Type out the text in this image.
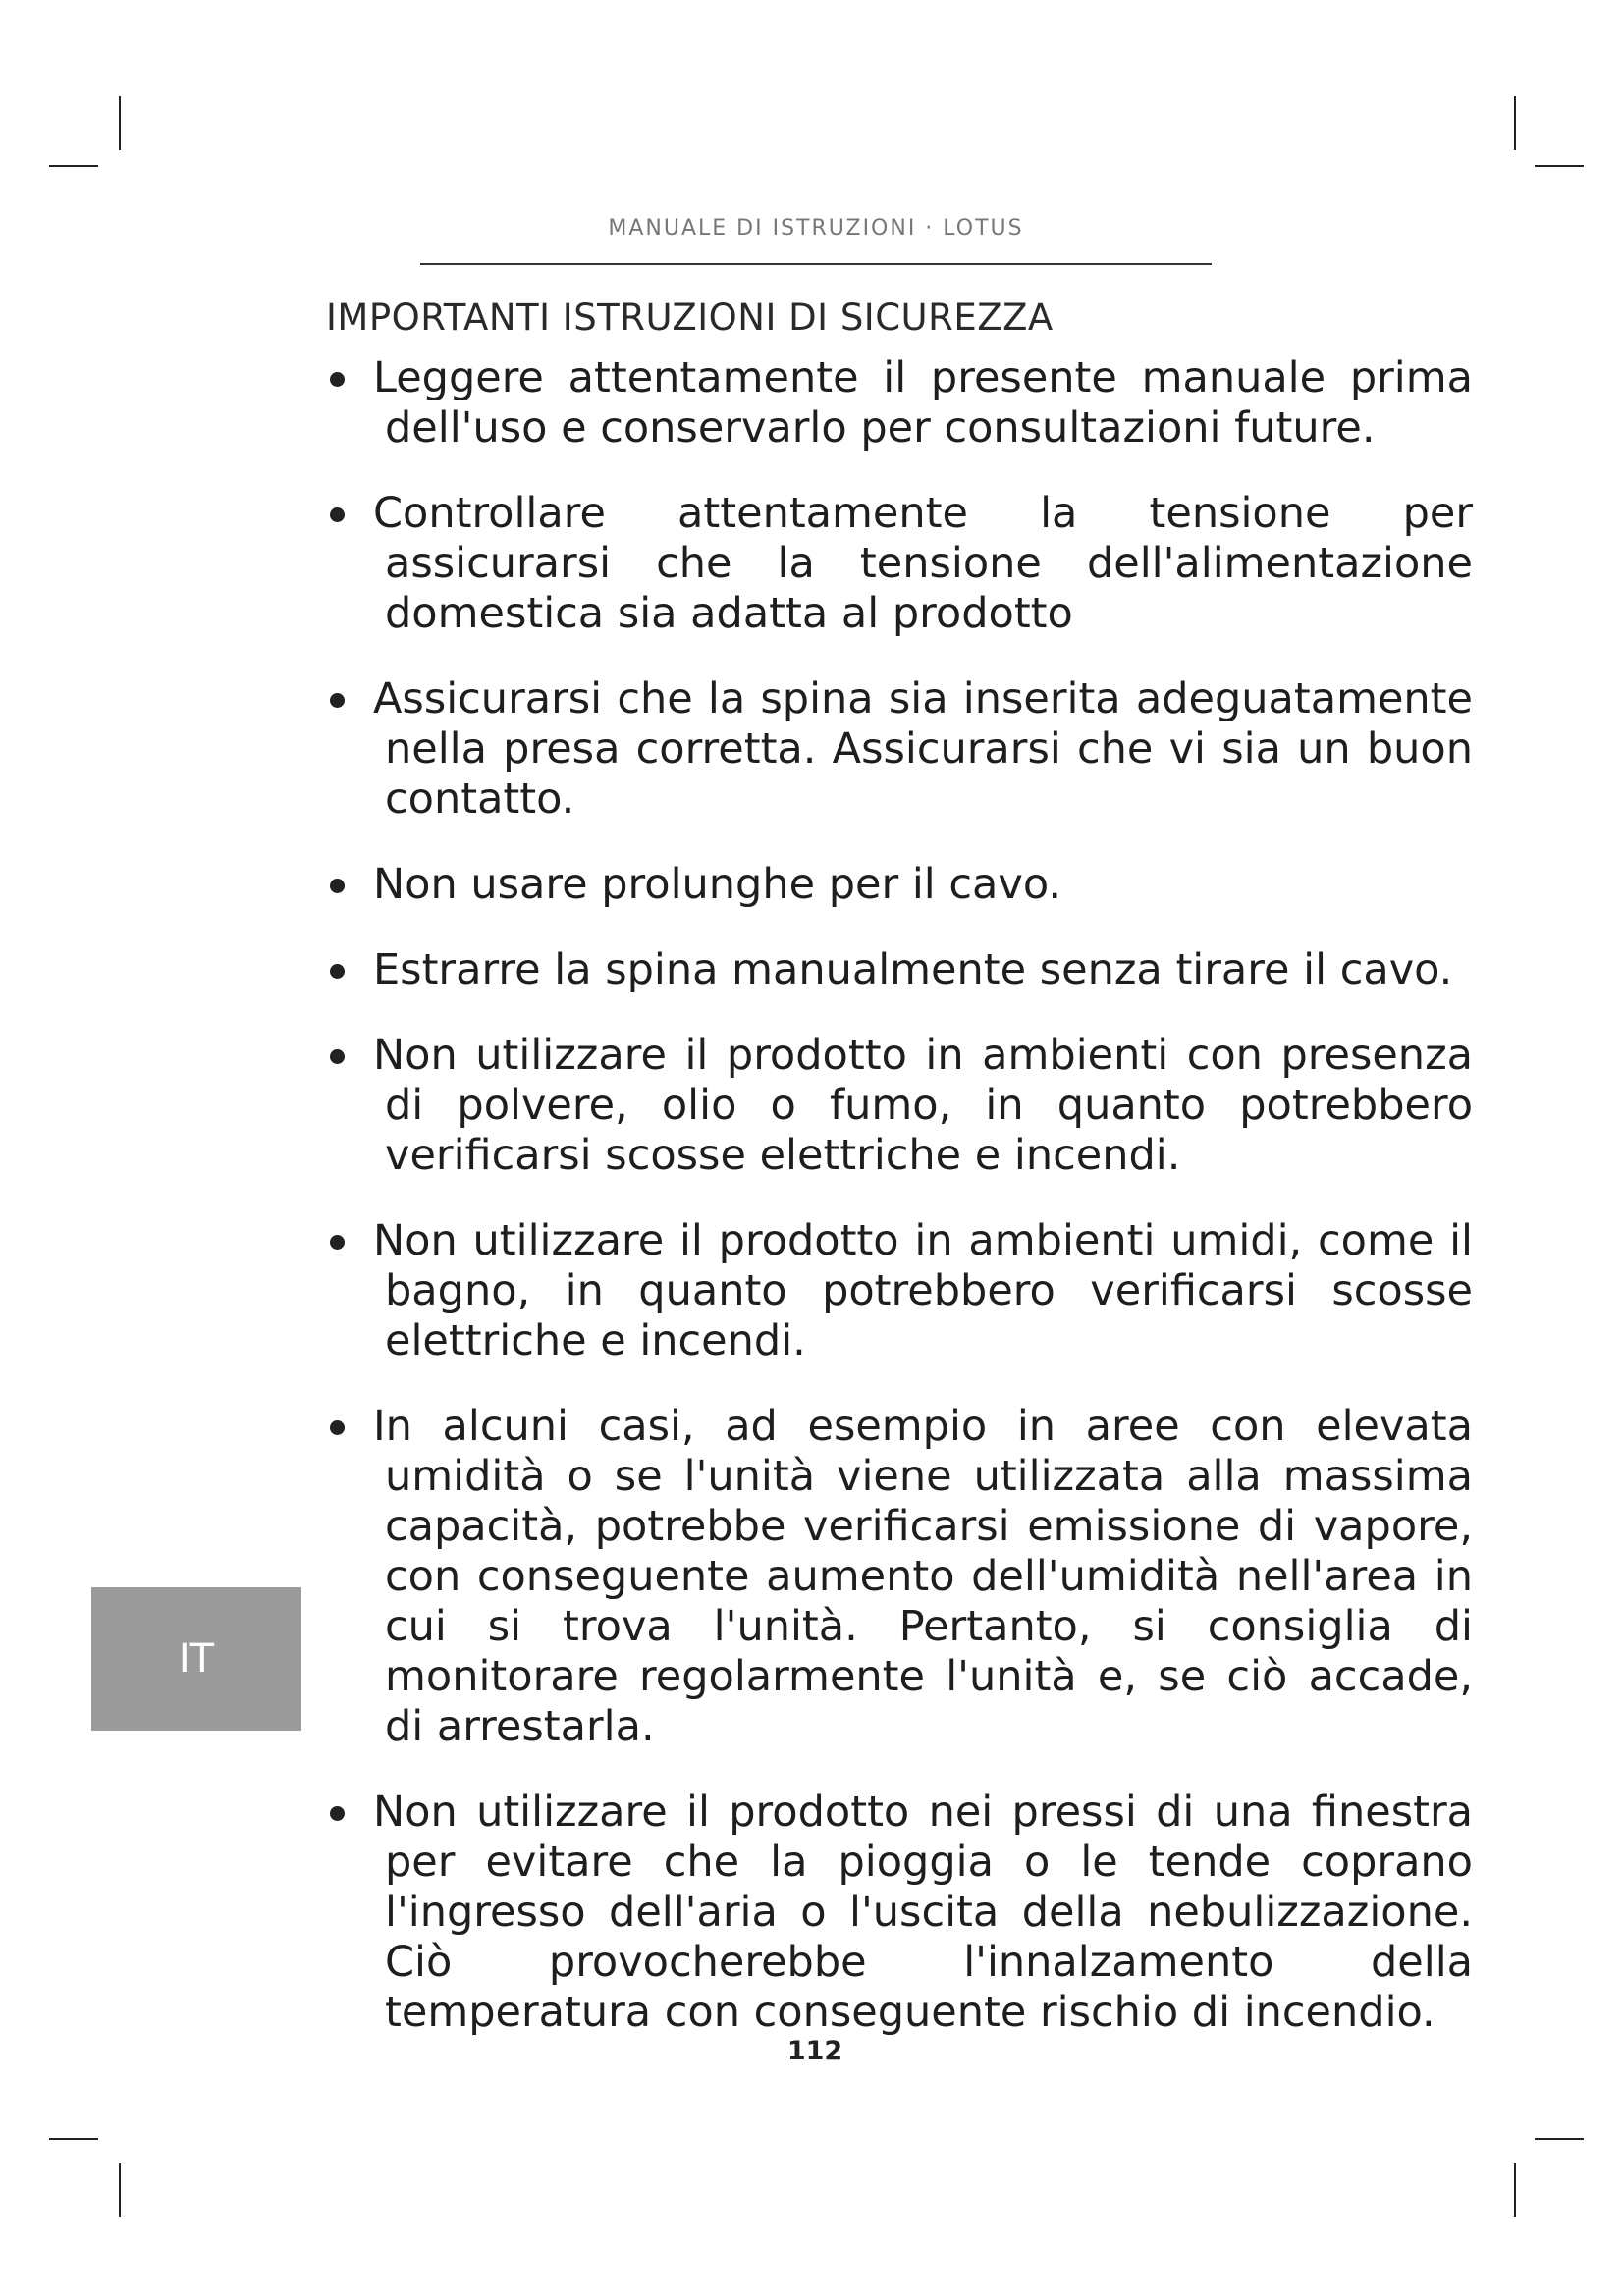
MANUALE DI ISTRUZIONI · LOTUS
IMPORTANTI ISTRUZIONI DI SICUREZZA
Leggere attentamente il presente manuale prima dell'uso e conservarlo per consultazioni future.
Controllare attentamente la tensione per assicurarsi che la tensione dell'alimentazione domestica sia adatta al prodotto
Assicurarsi che la spina sia inserita adeguatamente nella presa corretta. Assicurarsi che vi sia un buon contatto.
Non usare prolunghe per il cavo.
Estrarre la spina manualmente senza tirare il cavo.
Non utilizzare il prodotto in ambienti con presenza di polvere, olio o fumo, in quanto potrebbero verificarsi scosse elettriche e incendi.
Non utilizzare il prodotto in ambienti umidi, come il bagno, in quanto potrebbero verificarsi scosse elettriche e incendi.
In alcuni casi, ad esempio in aree con elevata umidità o se l'unità viene utilizzata alla massima capacità, potrebbe verificarsi emissione di vapore, con conseguente aumento dell'umidità nell'area in cui si trova l'unità. Pertanto, si consiglia di monitorare regolarmente l'unità e, se ciò accade, di arrestarla.
Non utilizzare il prodotto nei pressi di una finestra per evitare che la pioggia o le tende coprano l'ingresso dell'aria o l'uscita della nebulizzazione. Ciò provocherebbe l'innalzamento della temperatura con conseguente rischio di incendio.
IT
112
